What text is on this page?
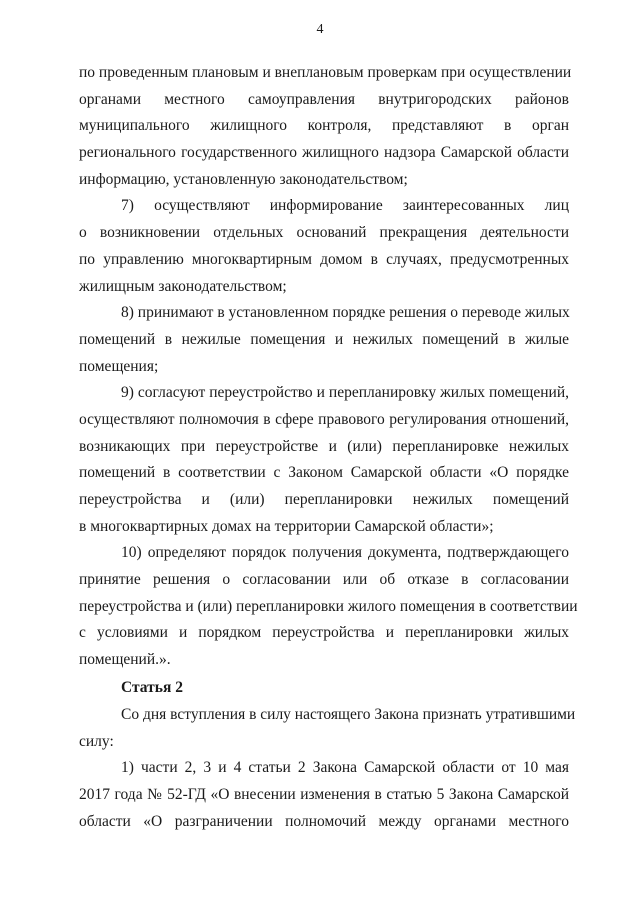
4
по проведенным плановым и внеплановым проверкам при осуществлении
органами местного самоуправления внутригородских районов
муниципального жилищного контроля, представляют в орган
регионального государственного жилищного надзора Самарской области
информацию, установленную законодательством;
7) осуществляют информирование заинтересованных лиц
о возникновении отдельных оснований прекращения деятельности
по управлению многоквартирным домом в случаях, предусмотренных
жилищным законодательством;
8) принимают в установленном порядке решения о переводе жилых
помещений в нежилые помещения и нежилых помещений в жилые
помещения;
9) согласуют переустройство и перепланировку жилых помещений,
осуществляют полномочия в сфере правового регулирования отношений,
возникающих при переустройстве и (или) перепланировке нежилых
помещений в соответствии с Законом Самарской области «О порядке
переустройства и (или) перепланировки нежилых помещений
в многоквартирных домах на территории Самарской области»;
10) определяют порядок получения документа, подтверждающего
принятие решения о согласовании или об отказе в согласовании
переустройства и (или) перепланировки жилого помещения в соответствии
с условиями и порядком переустройства и перепланировки жилых
помещений.».
Статья 2
Со дня вступления в силу настоящего Закона признать утратившими
силу:
1) части 2, 3 и 4 статьи 2 Закона Самарской области от 10 мая
2017 года № 52-ГД «О внесении изменения в статью 5 Закона Самарской
области «О разграничении полномочий между органами местного
